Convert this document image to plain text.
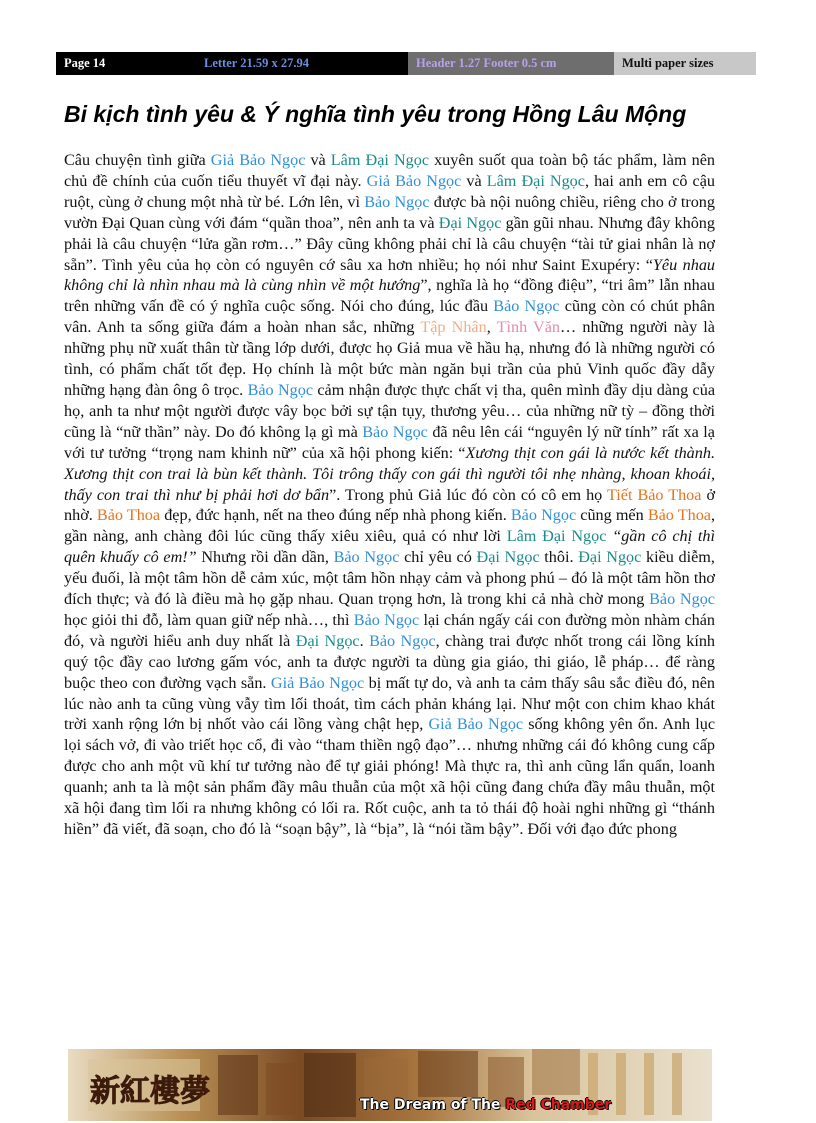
Page 14	Letter 21.59 x 27.94	Header 1.27 Footer 0.5 cm	Multi paper sizes
Bi kịch tình yêu & Ý nghĩa tình yêu trong Hồng Lâu Mộng

Câu chuyện tình giữa Giả Bảo Ngọc và Lâm Đại Ngọc xuyên suốt qua toàn bộ tác phẩm, làm nên chủ đề chính của cuốn tiểu thuyết vĩ đại này. Giả Bảo Ngọc và Lâm Đại Ngọc, hai anh em cô cậu ruột, cùng ở chung một nhà từ bé. Lớn lên, vì Bảo Ngọc được bà nội nuông chiều, riêng cho ở trong vườn Đại Quan cùng với đám “quần thoa”, nên anh ta và Đại Ngọc gần gũi nhau. Nhưng đây không phải là câu chuyện “lửa gần rơm…” Đây cũng không phải chỉ là câu chuyện “tài tử giai nhân là nợ sẵn”. Tình yêu của họ còn có nguyên cớ sâu xa hơn nhiều; họ nói như Saint Exupéry: “Yêu nhau không chỉ là nhìn nhau mà là cùng nhìn về một hướng”, nghĩa là họ “đồng điệu”, “tri âm” lẫn nhau trên những vấn đề có ý nghĩa cuộc sống. Nói cho đúng, lúc đầu Bảo Ngọc cũng còn có chút phân vân. Anh ta sống giữa đám a hoàn nhan sắc, những Tập Nhân, Tình Văn… những người này là những phụ nữ xuất thân từ tầng lớp dưới, được họ Giả mua về hầu hạ, nhưng đó là những người có tình, có phẩm chất tốt đẹp. Họ chính là một bức màn ngăn bụi trần của phủ Vinh quốc đầy dẫy những hạng đàn ông ô trọc. Bảo Ngọc cảm nhận được thực chất vị tha, quên mình đầy dịu dàng của họ, anh ta như một người được vây bọc bởi sự tận tụy, thương yêu… của những nữ tỳ – đồng thời cũng là “nữ thần” này. Do đó không lạ gì mà Bảo Ngọc đã nêu lên cái “nguyên lý nữ tính” rất xa lạ với tư tưởng “trọng nam khinh nữ” của xã hội phong kiến: “Xương thịt con gái là nước kết thành. Xương thịt con trai là bùn kết thành. Tôi trông thấy con gái thì người tôi nhẹ nhàng, khoan khoái, thấy con trai thì như bị phải hơi dơ bẩn”. Trong phủ Giả lúc đó còn có cô em họ Tiết Bảo Thoa ở nhờ. Bảo Thoa đẹp, đức hạnh, nết na theo đúng nếp nhà phong kiến. Bảo Ngọc cũng mến Bảo Thoa, gần nàng, anh chàng đôi lúc cũng thấy xiêu xiêu, quả có như lời Lâm Đại Ngọc “gần cô chị thì quên khuấy cô em!” Nhưng rồi dần dần, Bảo Ngọc chỉ yêu có Đại Ngọc thôi. Đại Ngọc kiều diễm, yếu đuối, là một tâm hồn dễ cảm xúc, một tâm hồn nhạy cảm và phong phú – đó là một tâm hồn thơ đích thực; và đó là điều mà họ gặp nhau. Quan trọng hơn, là trong khi cả nhà chờ mong Bảo Ngọc học giỏi thi đỗ, làm quan giữ nếp nhà…, thì Bảo Ngọc lại chán ngấy cái con đường mòn nhàm chán đó, và người hiểu anh duy nhất là Đại Ngọc. Bảo Ngọc, chàng trai được nhốt trong cái lồng kính quý tộc đầy cao lương gấm vóc, anh ta được người ta dùng gia giáo, thi giáo, lễ pháp… để ràng buộc theo con đường vạch sẵn. Giả Bảo Ngọc bị mất tự do, và anh ta cảm thấy sâu sắc điều đó, nên lúc nào anh ta cũng vùng vẫy tìm lối thoát, tìm cách phản kháng lại. Như một con chim khao khát trời xanh rộng lớn bị nhốt vào cái lồng vàng chật hẹp, Giả Bảo Ngọc sống không yên ổn. Anh lục lọi sách vở, đi vào triết học cổ, đi vào “tham thiền ngộ đạo”… nhưng những cái đó không cung cấp được cho anh một vũ khí tư tưởng nào để tự giải phóng! Mà thực ra, thì anh cũng lẩn quẩn, loanh quanh; anh ta là một sản phẩm đầy mâu thuẫn của một xã hội cũng đang chứa đầy mâu thuẫn, một xã hội đang tìm lối ra nhưng không có lối ra. Rốt cuộc, anh ta tỏ thái độ hoài nghi những gì “thánh hiền” đã viết, đã soạn, cho đó là “soạn bậy”, là “bịa”, là “nói tầm bậy”. Đối với đạo đức phong

新紅樓夢	The Dream of The Red Chamber
